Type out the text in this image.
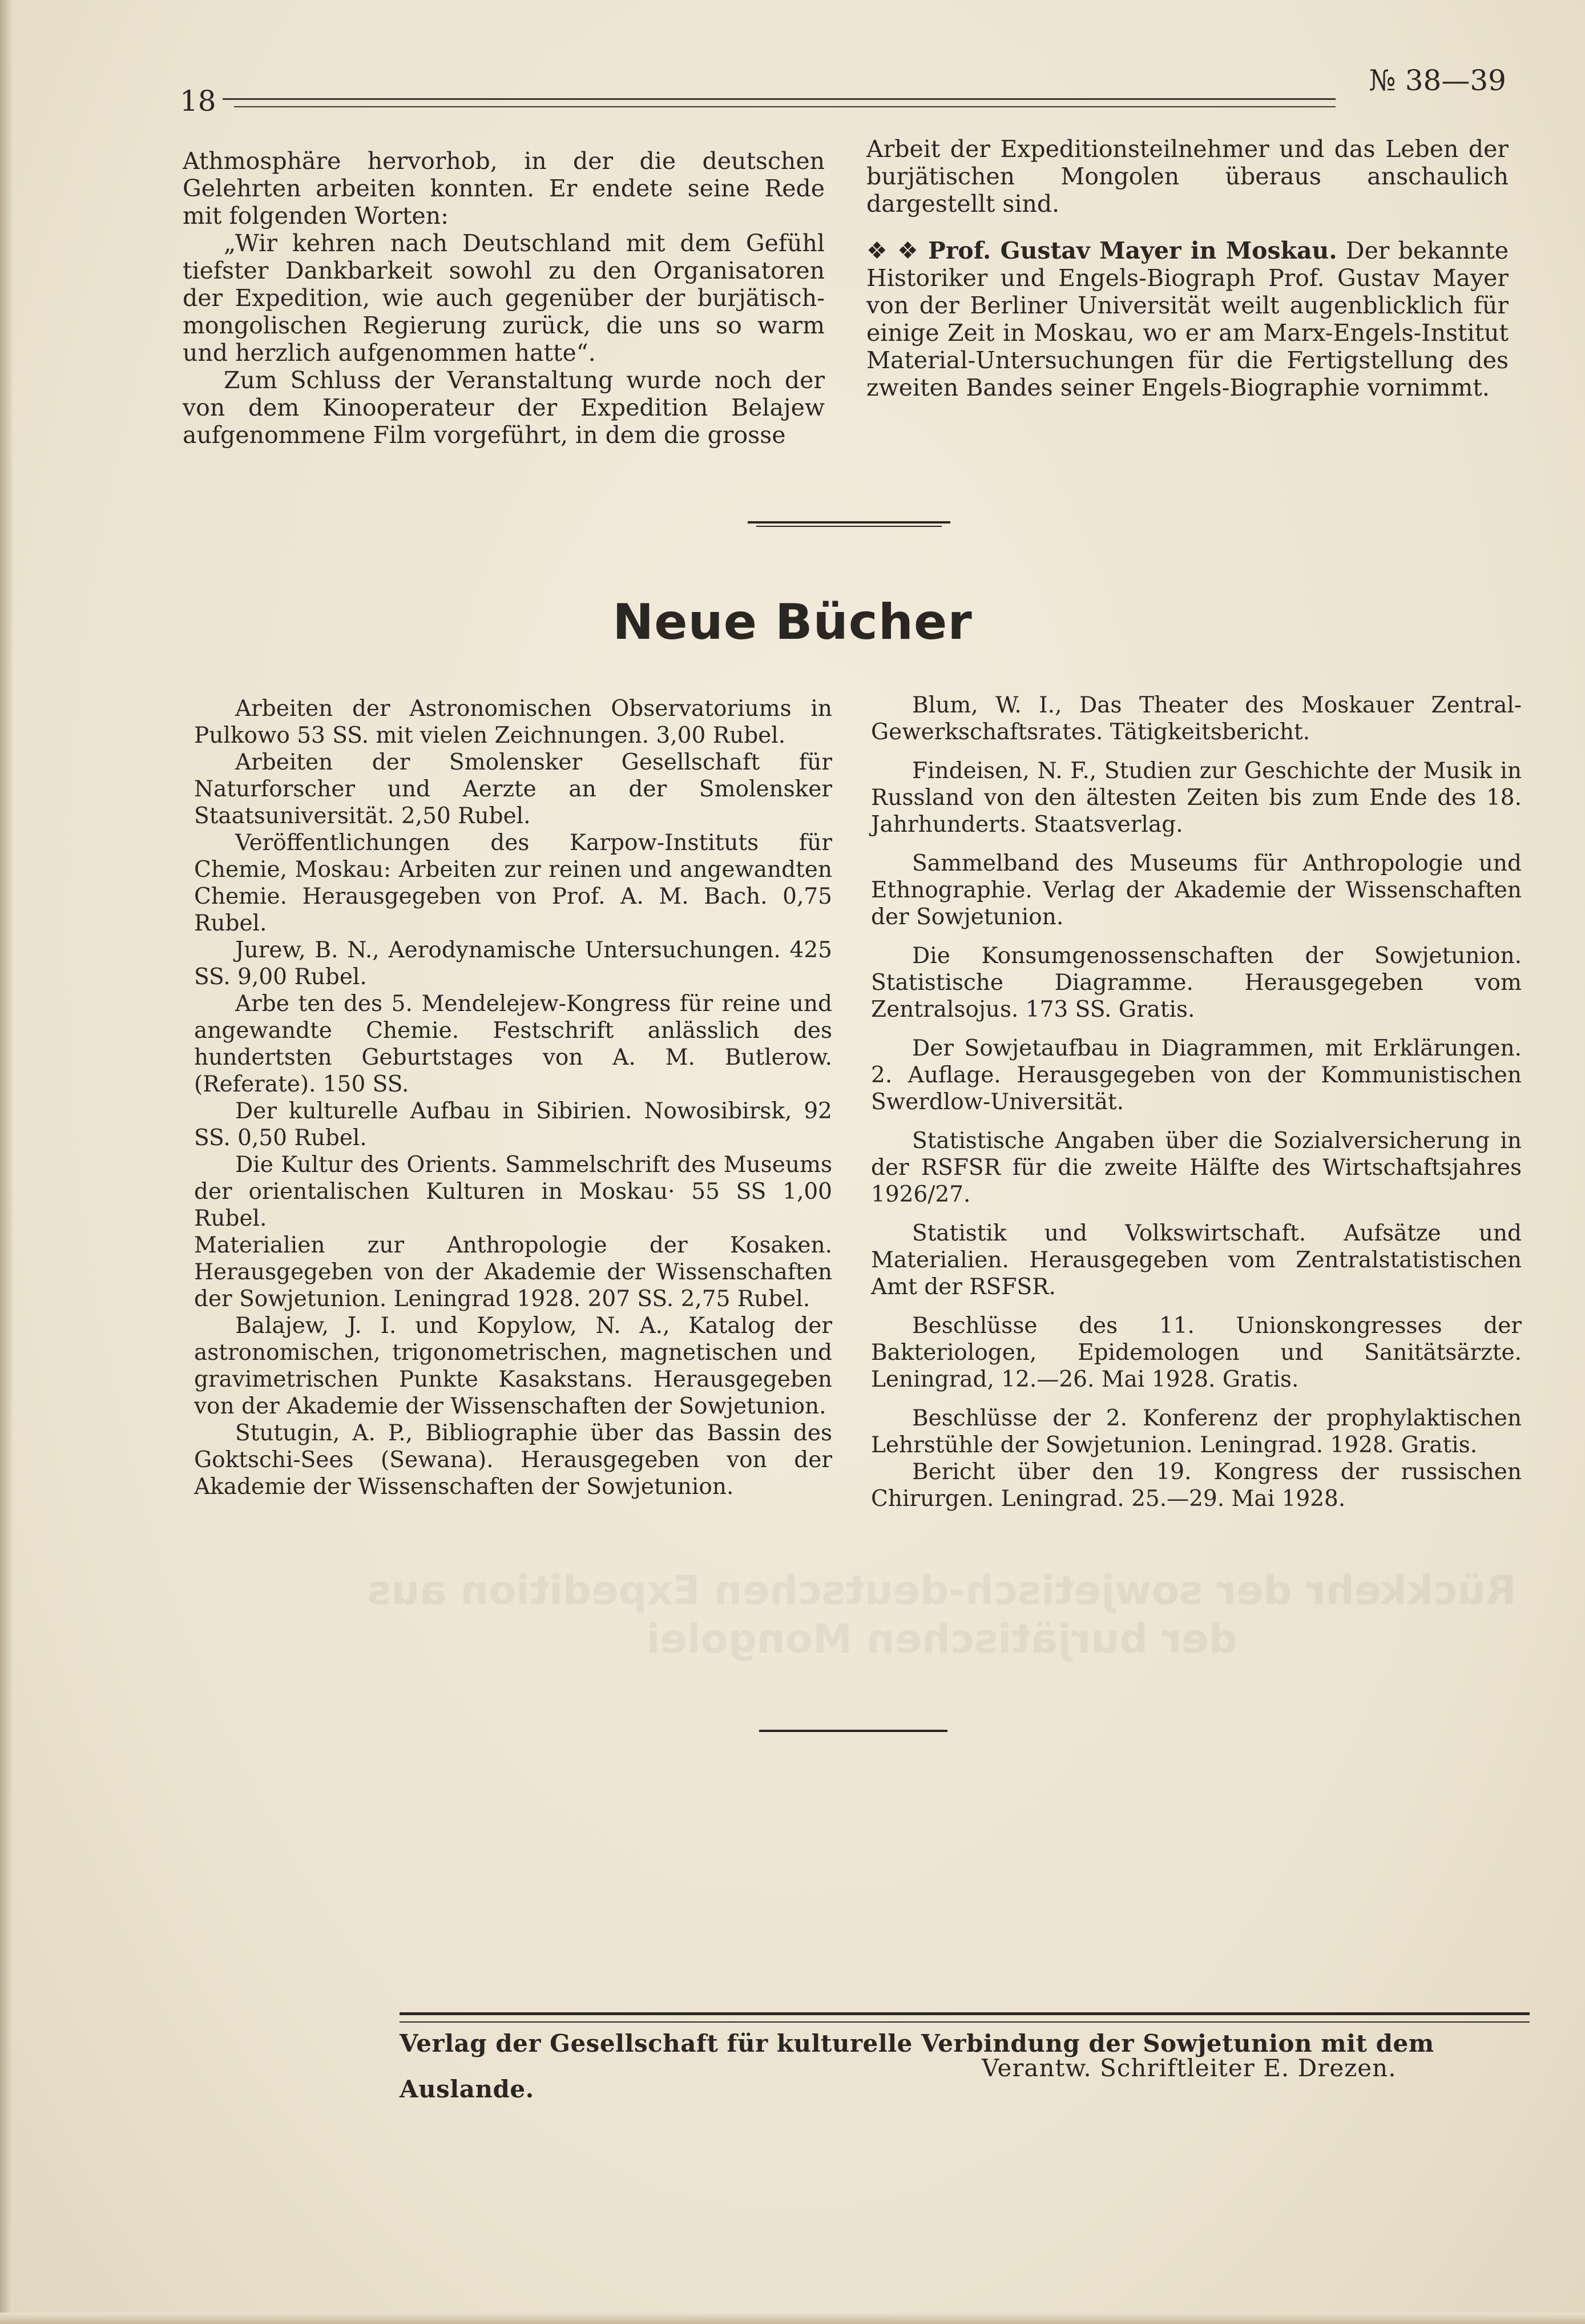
18
№ 38—39

Athmosphäre hervorhob, in der die deutschen Gelehrten arbeiten konnten. Er endete seine Rede mit folgenden Worten:

„Wir kehren nach Deutschland mit dem Gefühl tiefster Dankbarkeit sowohl zu den Organisatoren der Expedition, wie auch gegenüber der burjätisch-mongolischen Regierung zurück, die uns so warm und herzlich aufgenommen hatte“.

Zum Schluss der Veranstaltung wurde noch der von dem Kinooperateur der Expedition Belajew aufgenommene Film vorgeführt, in dem die grosse

Arbeit der Expeditionsteilnehmer und das Leben der burjätischen Mongolen überaus anschaulich dargestellt sind.

❖ ❖ Prof. Gustav Mayer in Moskau. Der bekannte Historiker und Engels-Biograph Prof. Gustav Mayer von der Berliner Universität weilt augenblicklich für einige Zeit in Moskau, wo er am Marx-Engels-Institut Material-Untersuchungen für die Fertigstellung des zweiten Bandes seiner Engels-Biographie vornimmt.

Neue Bücher

Arbeiten der Astronomischen Observatoriums in Pulkowo 53 SS. mit vielen Zeichnungen. 3,00 Rubel.

Arbeiten der Smolensker Gesellschaft für Naturforscher und Aerzte an der Smolensker Staatsuniversität. 2,50 Rubel.

Veröffentlichungen des Karpow-Instituts für Chemie, Moskau: Arbeiten zur reinen und angewandten Chemie. Herausgegeben von Prof. A. M. Bach. 0,75 Rubel.

Jurew, B. N., Aerodynamische Untersuchungen. 425 SS. 9,00 Rubel.

Arbe ten des 5. Mendelejew-Kongress für reine und angewandte Chemie. Festschrift anlässlich des hundertsten Geburtstages von A. M. Butlerow. (Referate). 150 SS.

Der kulturelle Aufbau in Sibirien. Nowosibirsk, 92 SS. 0,50 Rubel.

Die Kultur des Orients. Sammelschrift des Museums der orientalischen Kulturen in Moskau· 55 SS 1,00 Rubel.

Materialien zur Anthropologie der Kosaken. Herausgegeben von der Akademie der Wissenschaften der Sowjetunion. Leningrad 1928. 207 SS. 2,75 Rubel.

Balajew, J. I. und Kopylow, N. A., Katalog der astronomischen, trigonometrischen, magnetischen und gravimetrischen Punkte Kasakstans. Herausgegeben von der Akademie der Wissenschaften der Sowjetunion.

Stutugin, A. P., Bibliographie über das Bassin des Goktschi-Sees (Sewana). Herausgegeben von der Akademie der Wissenschaften der Sowjetunion.

Blum, W. I., Das Theater des Moskauer Zentral-Gewerkschaftsrates. Tätigkeitsbericht.

Findeisen, N. F., Studien zur Geschichte der Musik in Russland von den ältesten Zeiten bis zum Ende des 18. Jahrhunderts. Staatsverlag.

Sammelband des Museums für Anthropologie und Ethnographie. Verlag der Akademie der Wissenschaften der Sowjetunion.

Die Konsumgenossenschaften der Sowjetunion. Statistische Diagramme. Herausgegeben vom Zentralsojus. 173 SS. Gratis.

Der Sowjetaufbau in Diagrammen, mit Erklärungen. 2. Auflage. Herausgegeben von der Kommunistischen Swerdlow-Universität.

Statistische Angaben über die Sozialversicherung in der RSFSR für die zweite Hälfte des Wirtschaftsjahres 1926/27.

Statistik und Volkswirtschaft. Aufsätze und Materialien. Herausgegeben vom Zentralstatistischen Amt der RSFSR.

Beschlüsse des 11. Unionskongresses der Bakteriologen, Epidemologen und Sanitätsärzte. Leningrad, 12.—26. Mai 1928. Gratis.

Beschlüsse der 2. Konferenz der prophylaktischen Lehrstühle der Sowjetunion. Leningrad. 1928. Gratis.

Bericht über den 19. Kongress der russischen Chirurgen. Leningrad. 25.—29. Mai 1928.

Rückkehr der sowjetisch-deutschen Expedition aus
der burjätischen Mongolei
Verlag der Gesellschaft für kulturelle Verbindung der Sowjetunion mit dem Auslande.
Verantw. Schriftleiter E. Drezen.
